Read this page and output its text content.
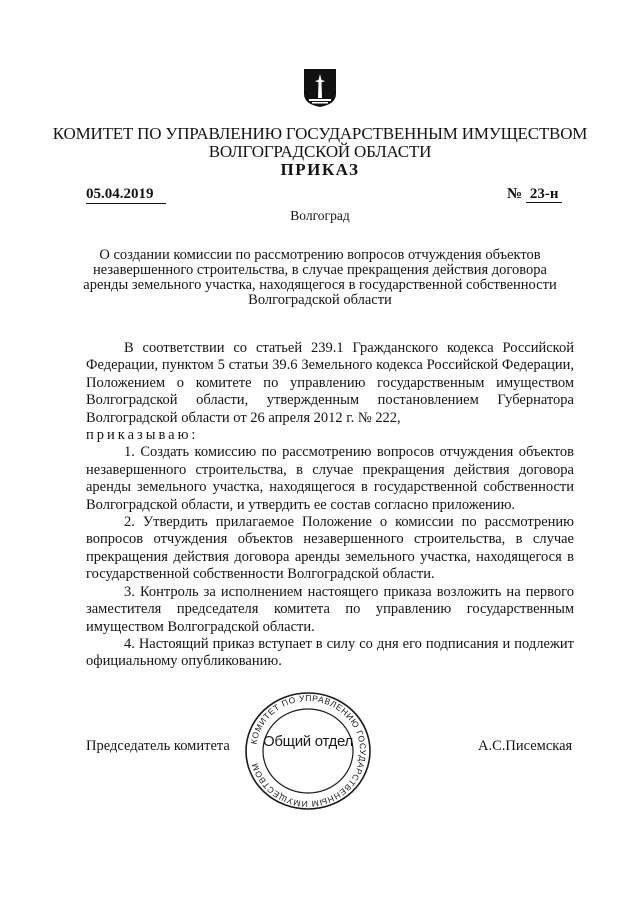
КОМИТЕТ ПО УПРАВЛЕНИЮ ГОСУДАРСТВЕННЫМ ИМУЩЕСТВОМ
ВОЛГОГРАДСКОЙ ОБЛАСТИ
ПРИКАЗ
05.04.2019	№ 23-н
Волгоград
О создании комиссии по рассмотрению вопросов отчуждения объектов незавершенного строительства, в случае прекращения действия договора аренды земельного участка, находящегося в государственной собственности Волгоградской области

В соответствии со статьей 239.1 Гражданского кодекса Российской Федерации, пунктом 5 статьи 39.6 Земельного кодекса Российской Федерации, Положением о комитете по управлению государственным имуществом Волгоградской области, утвержденным постановлением Губернатора Волгоградской области от 26 апреля 2012 г. № 222,
приказываю:

1. Создать комиссию по рассмотрению вопросов отчуждения объектов незавершенного строительства, в случае прекращения действия договора аренды земельного участка, находящегося в государственной собственности Волгоградской области, и утвердить ее состав согласно приложению.

2. Утвердить прилагаемое Положение о комиссии по рассмотрению вопросов отчуждения объектов незавершенного строительства, в случае прекращения действия договора аренды земельного участка, находящегося в государственной собственности Волгоградской области.

3. Контроль за исполнением настоящего приказа возложить на первого заместителя председателя комитета по управлению государственным имуществом Волгоградской области.

4. Настоящий приказ вступает в силу со дня его подписания и подлежит официальному опубликованию.

Председатель комитета КОМИТЕТ ПО УПРАВЛЕНИЮ ГОСУДАРСТВЕННЫМ ИМУЩЕСТВОМ
Общий отдел	А.С.Писемская
